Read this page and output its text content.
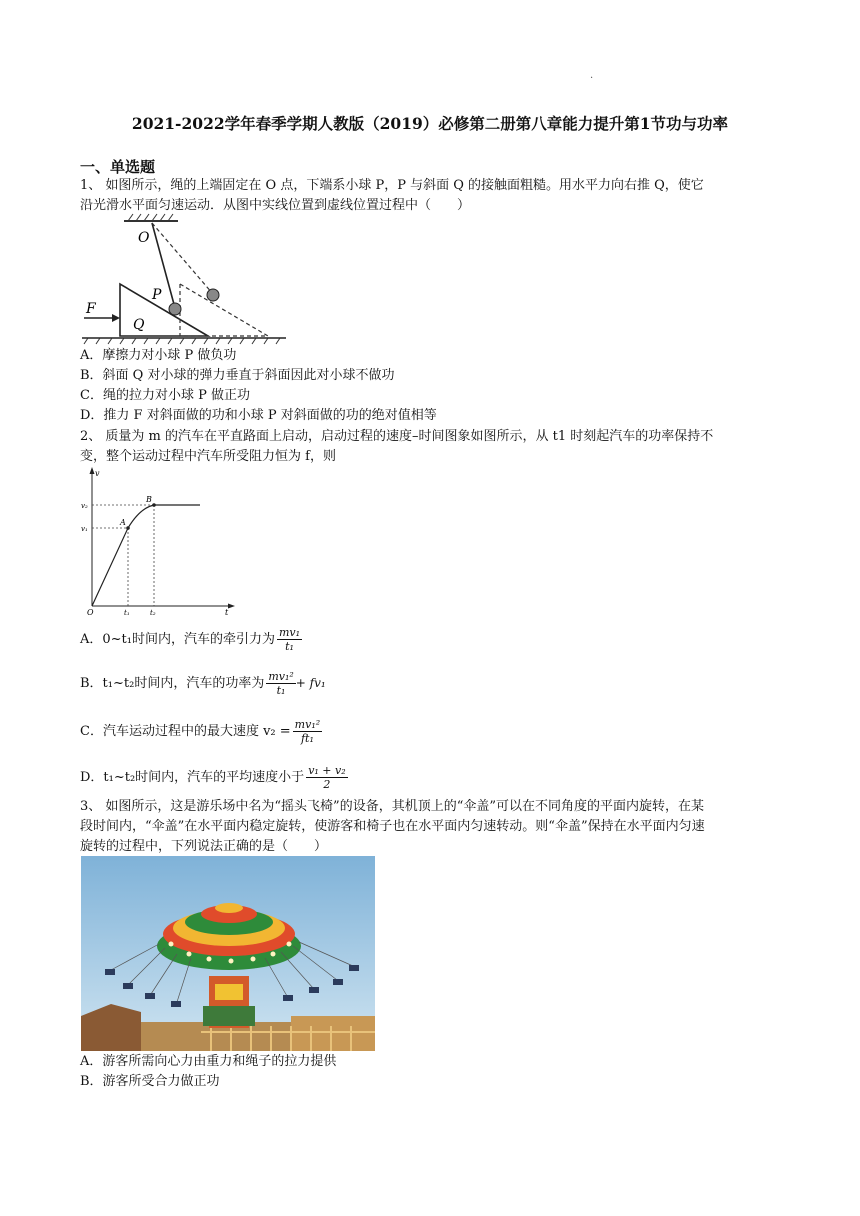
.
2021-2022学年春季学期人教版（2019）必修第二册第八章能力提升第1节功与功率
一、单选题
1、 如图所示，绳的上端固定在 O 点，下端系小球 P，P 与斜面 Q 的接触面粗糙。用水平力向右推 Q，使它
沿光滑水平面匀速运动．从图中实线位置到虚线位置过程中（　　）
O
P
Q
F
A．摩擦力对小球 P 做负功
B．斜面 Q 对小球的弹力垂直于斜面因此对小球不做功
C．绳的拉力对小球 P 做正功
D．推力 F 对斜面做的功和小球 P 对斜面做的功的绝对值相等
2、 质量为 m 的汽车在平直路面上启动，启动过程的速度–时间图象如图所示，从 t1 时刻起汽车的功率保持不
变，整个运动过程中汽车所受阻力恒为 f，则
v
v₂
v₁
A
B
O	t₁	t₂	t
A．0~t₁时间内，汽车的牵引力为 $\frac{\text{mv₁}}{\text{t₁}}$
B．t₁~t₂时间内，汽车的功率为 $\frac{\text{mv₁²}}{\text{t₁}} + fv_1$
C．汽车运动过程中的最大速度 $v_2 = \frac{\text{mv₁²}}{\text{ft₁}}$
D．t₁~t₂时间内，汽车的平均速度小于 $\frac{\text{v₁ + v₂}}{2}$
3、 如图所示，这是游乐场中名为“摇头飞椅”的设备，其机顶上的“伞盖”可以在不同角度的平面内旋转，在某
段时间内，“伞盖”在水平面内稳定旋转，使游客和椅子也在水平面内匀速转动。则“伞盖”保持在水平面内匀速
旋转的过程中，下列说法正确的是（　　）
A．游客所需向心力由重力和绳子的拉力提供
B．游客所受合力做正功
